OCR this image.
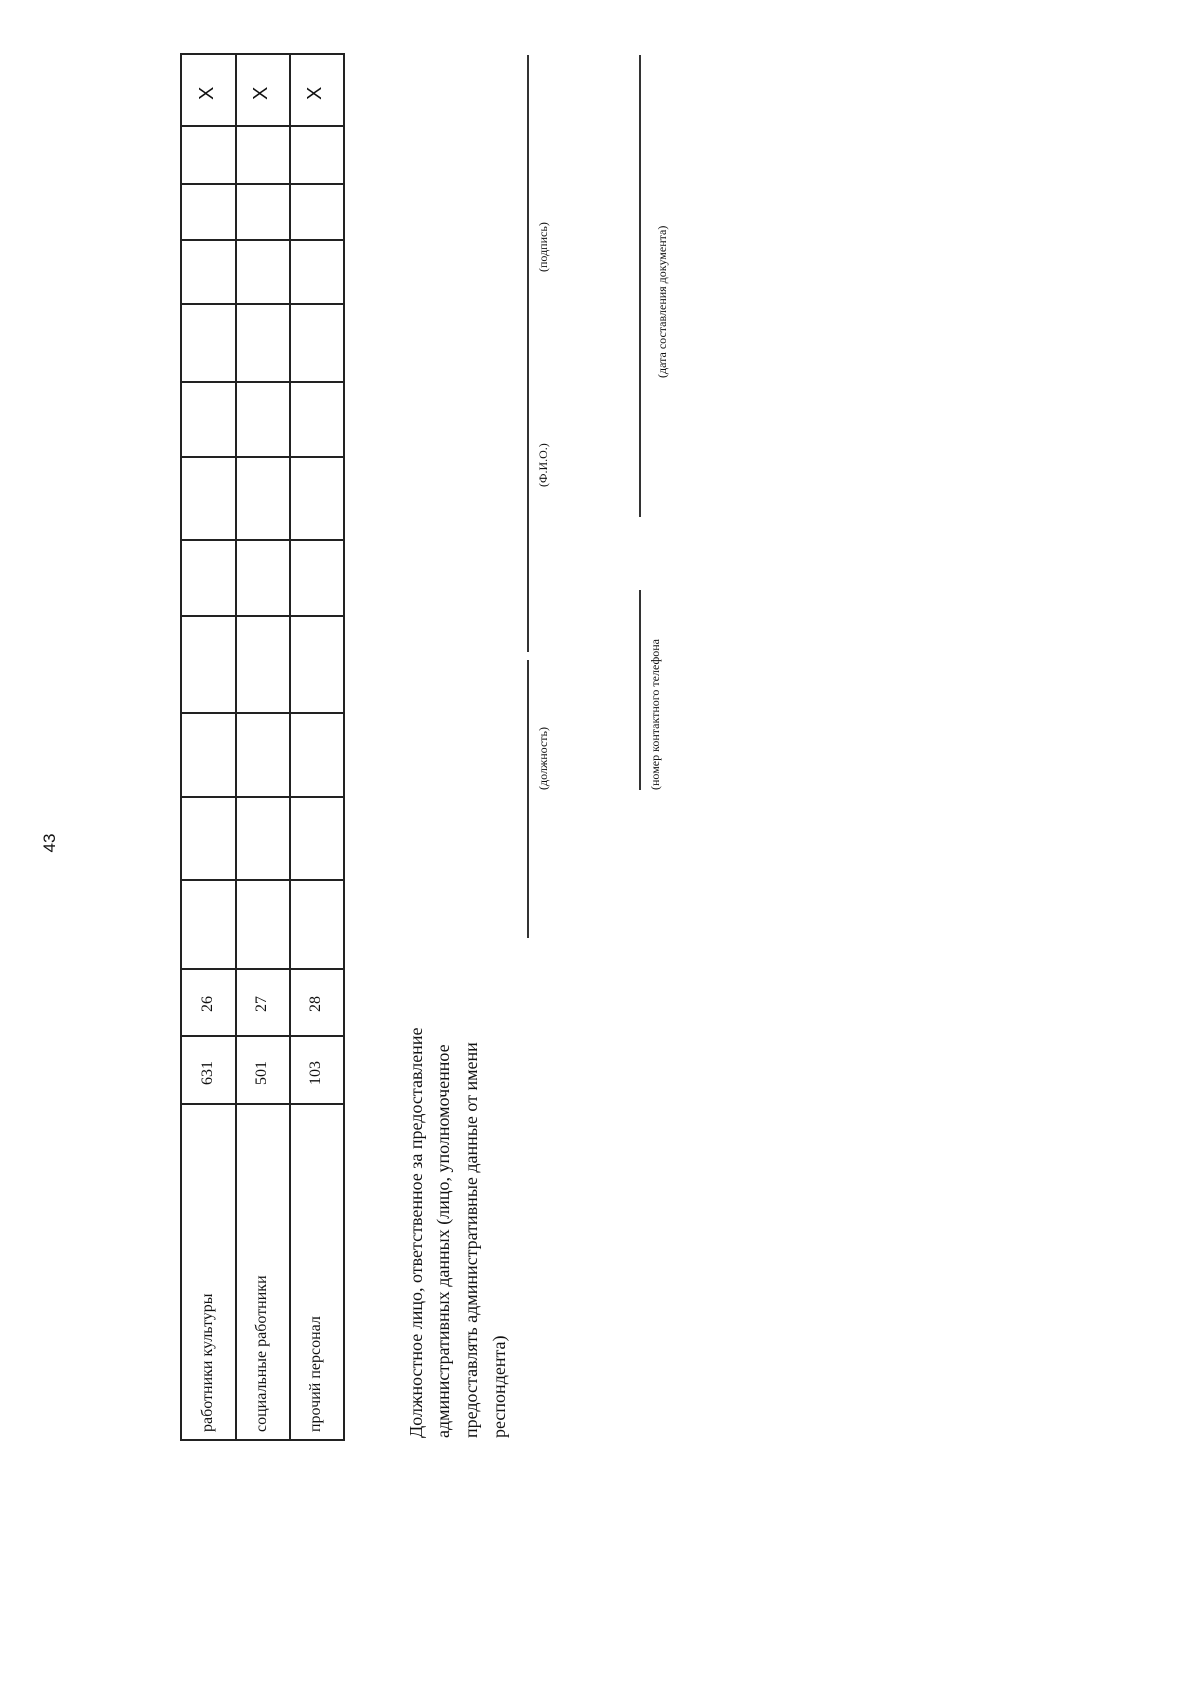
43
работники культуры
631
26
X
социальные работники
501
27
X
прочий персонал
103
28
X
Должностное лицо, ответственное за предоставление административных данных (лицо, уполномоченное предоставлять административные данные от имени респондента)
(должность)
(Ф.И.О.)
(подпись)
(номер контактного телефона
(дата составления документа)
